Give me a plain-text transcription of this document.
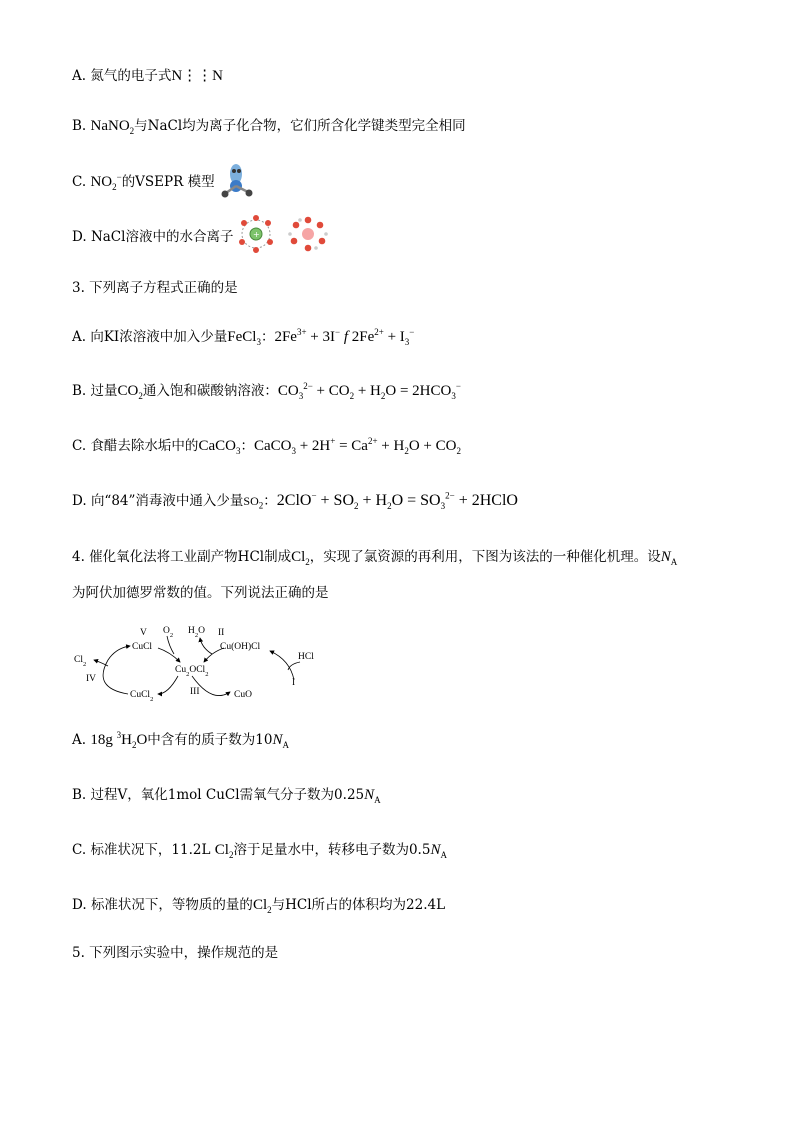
A. 氮气的电子式N⋮⋮N
B. NaNO$_2$与NaCl均为离子化合物，它们所含化学键类型完全相同
C. $NO_2^-$的VSEPR 模型
D. NaCl溶液中的水合离子 +
3. 下列离子方程式正确的是
A. 向KI浓溶液中加入少量FeCl$_3$：$2Fe^{3+} + 3I^-$ f $2Fe^{2+} + I_3^-$
B. 过量$CO_2$通入饱和碳酸钠溶液：$CO_3^{2-} + CO_2 + H_2O = 2HCO_3^-$
C. 食醋去除水垢中的CaCO$_3$：CaCO$_3$ + $2H^+ = Ca^{2+} + H_2O + CO_2$
D. 向“84”消毒液中通入少量$SO_2$：$2ClO^- + SO_2 + H_2O = SO_3^{2-}$ + 2HClO
4. 催化氧化法将工业副产物HCl制成$Cl_2$，实现了氯资源的再利用，下图为该法的一种催化机理。设$N_A$
为阿伏加德罗常数的值。下列说法正确的是
CuCl
$Cu_2OCl_2$
Cu(OH)Cl
CuO
CuCl$_2$
$O_2$ $H_2O$
HCl
$Cl_2$
V	II
III
IV	I
A. 18g $^3H_2O$中含有的质子数为$10N_A$
B. 过程Ⅴ，氧化1mol CuCl需氧气分子数为$0.25N_A$
C. 标准状况下，11.2L $Cl_2$溶于足量水中，转移电子数为$0.5N_A$
D. 标准状况下，等物质的量的$Cl_2$与HCl所占的体积均为22.4L
5. 下列图示实验中，操作规范的是
